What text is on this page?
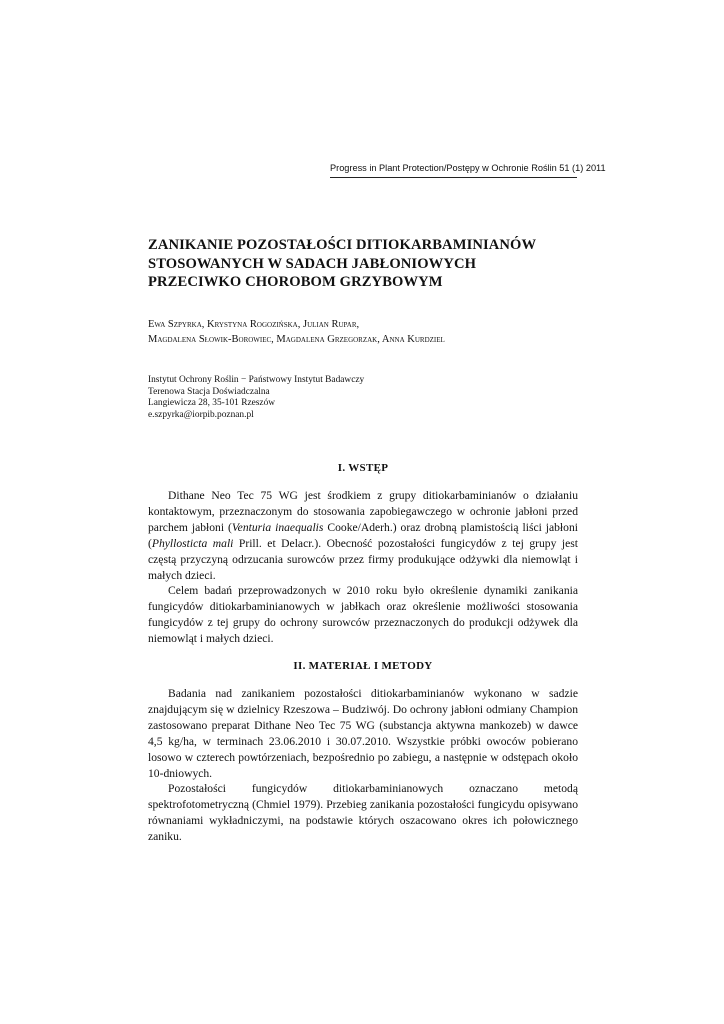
Progress in Plant Protection/Postępy w Ochronie Roślin 51 (1) 2011
ZANIKANIE POZOSTAŁOŚCI DITIOKARBAMINIANÓW
STOSOWANYCH W SADACH JABŁONIOWYCH
PRZECIWKO CHOROBOM GRZYBOWYM
Ewa Szpyrka, Krystyna Rogozińska, Julian Rupar,
Magdalena Słowik-Borowiec, Magdalena Grzegorzak, Anna Kurdziel
Instytut Ochrony Roślin − Państwowy Instytut Badawczy
Terenowa Stacja Doświadczalna
Langiewicza 28, 35-101 Rzeszów
e.szpyrka@iorpib.poznan.pl
I. WSTĘP

Dithane Neo Tec 75 WG jest środkiem z grupy ditiokarbaminianów o działaniu kontaktowym, przeznaczonym do stosowania zapobiegawczego w ochronie jabłoni przed parchem jabłoni (Venturia inaequalis Cooke/Aderh.) oraz drobną plamistością liści jabłoni (Phyllosticta mali Prill. et Delacr.). Obecność pozostałości fungicydów z tej grupy jest częstą przyczyną odrzucania surowców przez firmy produkujące odżywki dla niemowląt i małych dzieci.

Celem badań przeprowadzonych w 2010 roku było określenie dynamiki zanikania fungicydów ditiokarbaminianowych w jabłkach oraz określenie możliwości stosowania fungicydów z tej grupy do ochrony surowców przeznaczonych do produkcji odżywek dla niemowląt i małych dzieci.

II. MATERIAŁ I METODY

Badania nad zanikaniem pozostałości ditiokarbaminianów wykonano w sadzie znajdującym się w dzielnicy Rzeszowa – Budziwój. Do ochrony jabłoni odmiany Champion zastosowano preparat Dithane Neo Tec 75 WG (substancja aktywna mankozeb) w dawce 4,5 kg/ha, w terminach 23.06.2010 i 30.07.2010. Wszystkie próbki owoców pobierano losowo w czterech powtórzeniach, bezpośrednio po zabiegu, a następnie w odstępach około 10-dniowych.

Pozostałości fungicydów ditiokarbaminianowych oznaczano metodą spektrofotometryczną (Chmiel 1979). Przebieg zanikania pozostałości fungicydu opisywano równaniami wykładniczymi, na podstawie których oszacowano okres ich połowicznego zaniku.
